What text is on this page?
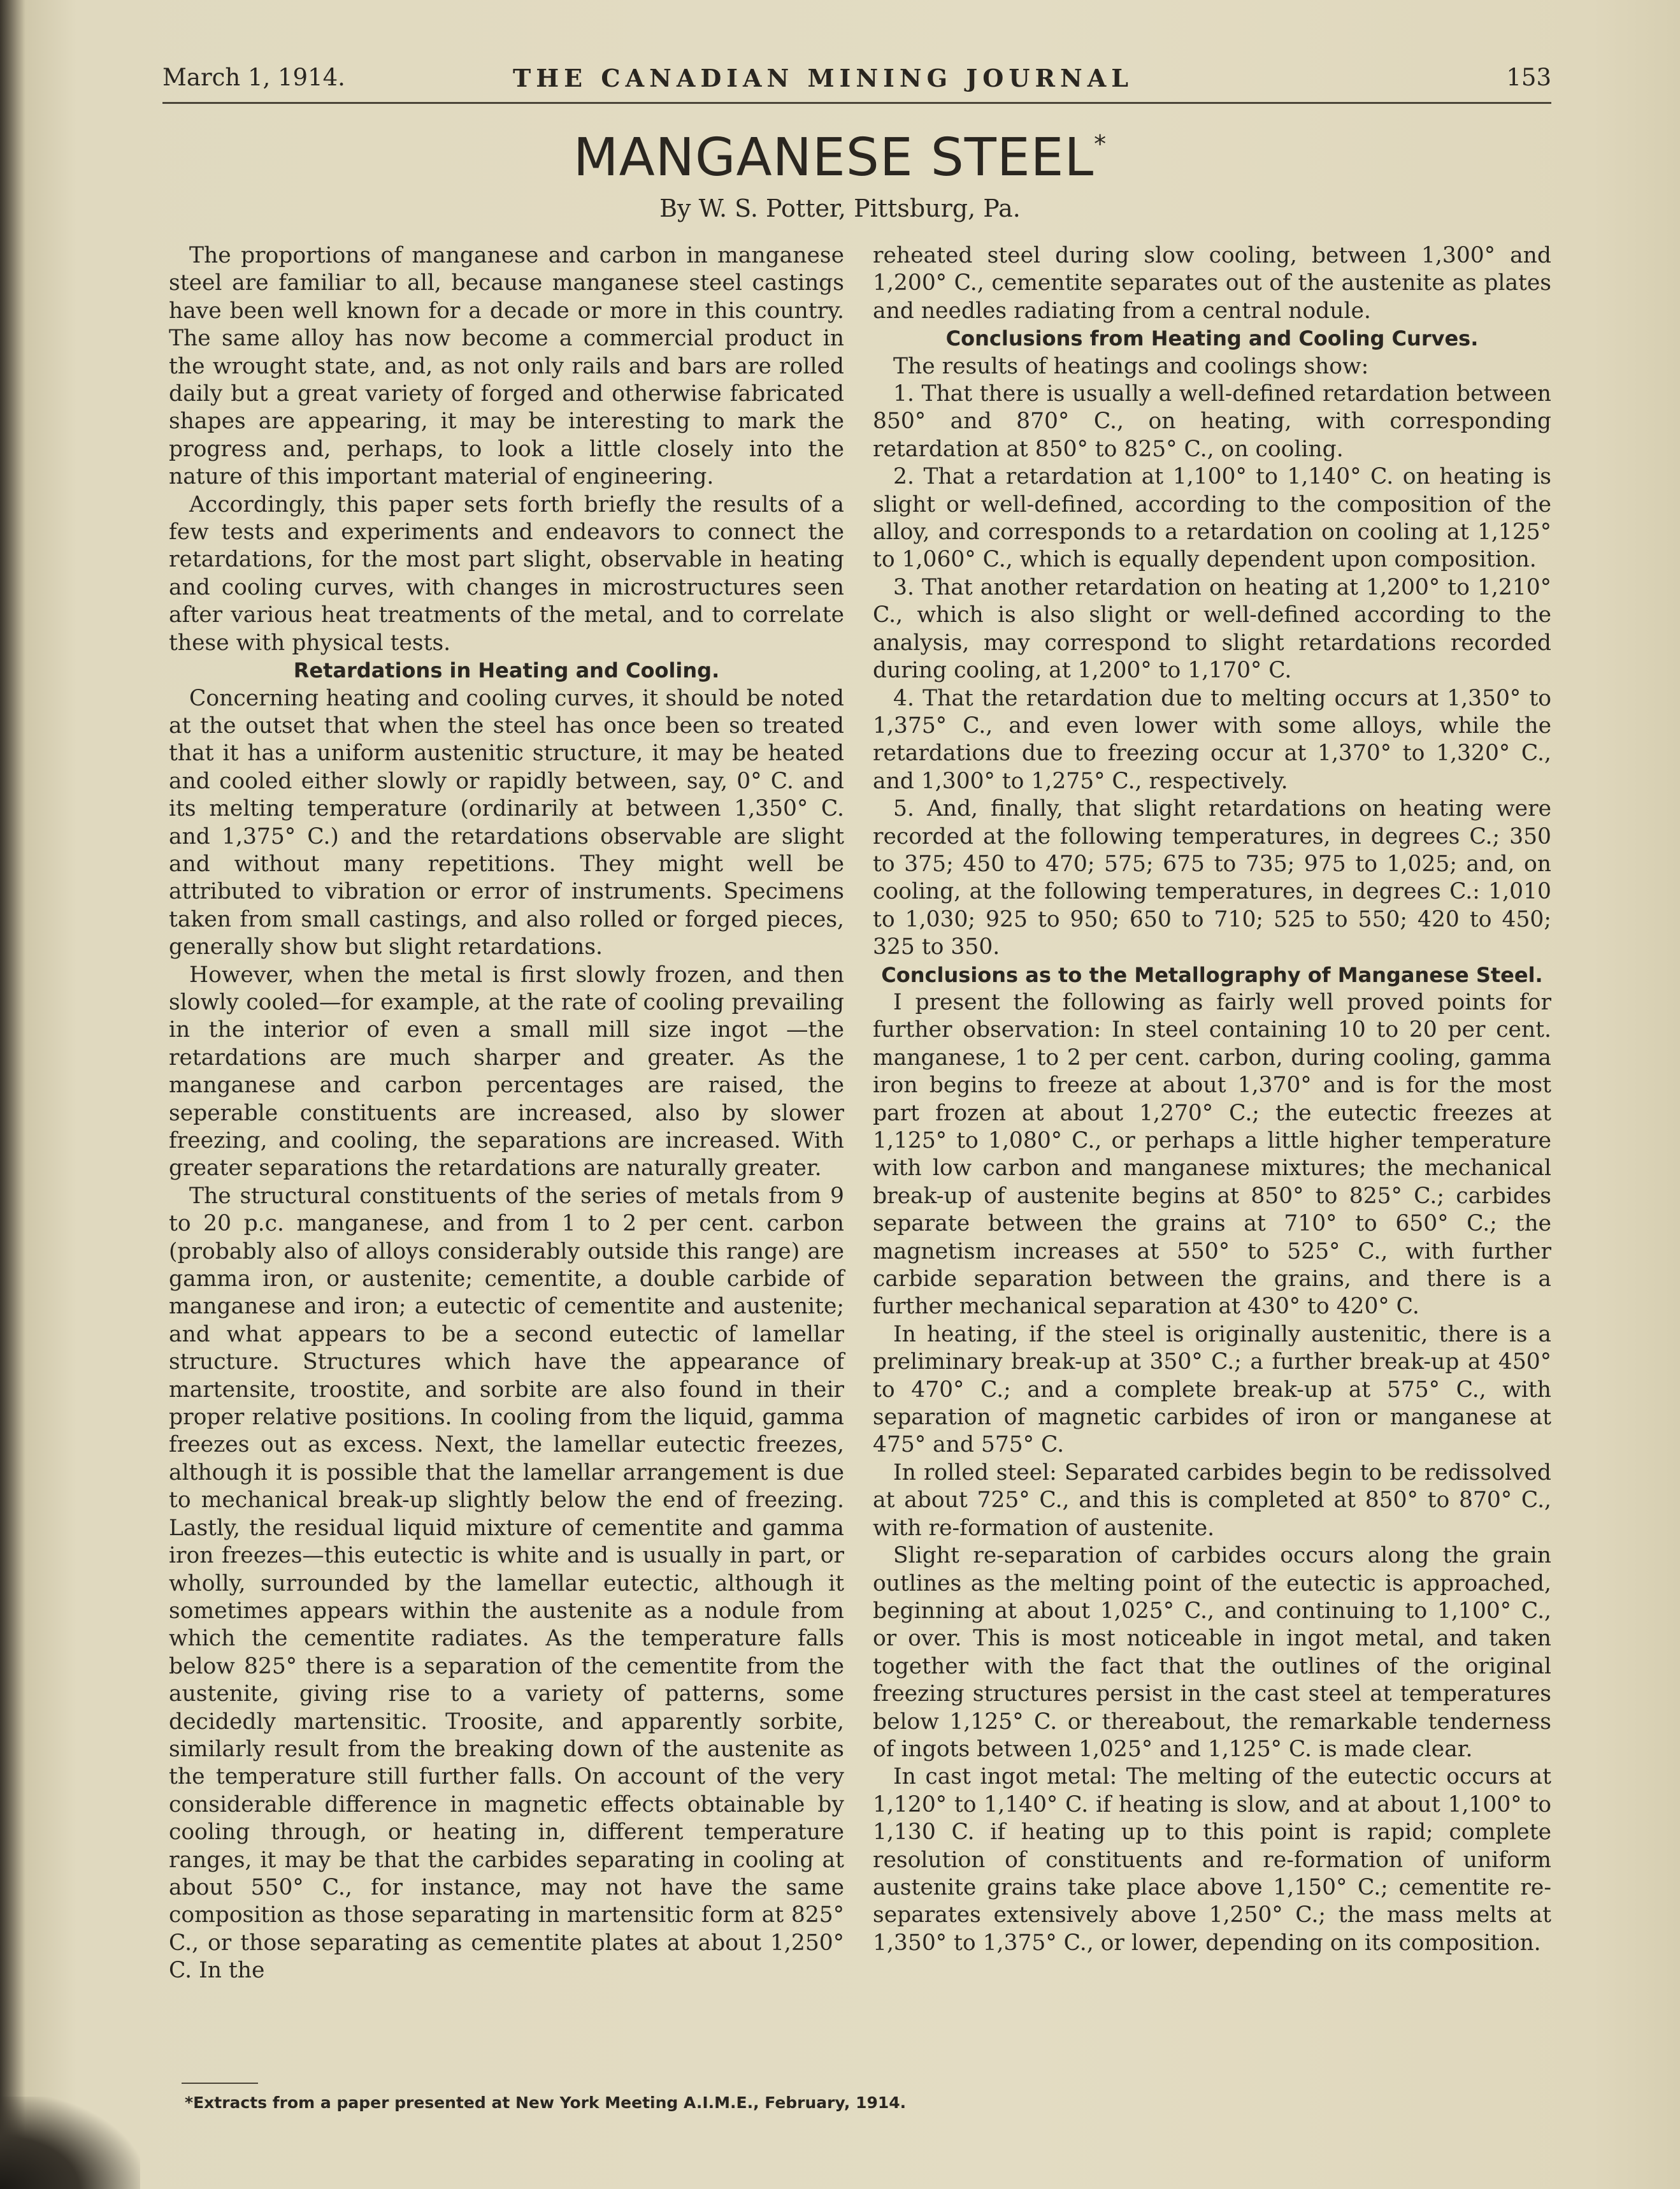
March 1, 1914.	THE CANADIAN MINING JOURNAL	153
MANGANESE STEEL*
By W. S. Potter, Pittsburg, Pa.

The proportions of manganese and carbon in manganese steel are familiar to all, because manganese steel castings have been well known for a decade or more in this country. The same alloy has now become a commercial product in the wrought state, and, as not only rails and bars are rolled daily but a great variety of forged and otherwise fabricated shapes are appearing, it may be interesting to mark the progress and, perhaps, to look a little closely into the nature of this important material of engineering.

Accordingly, this paper sets forth briefly the results of a few tests and experiments and endeavors to connect the retardations, for the most part slight, observable in heating and cooling curves, with changes in microstructures seen after various heat treatments of the metal, and to correlate these with physical tests.

Retardations in Heating and Cooling.

Concerning heating and cooling curves, it should be noted at the outset that when the steel has once been so treated that it has a uniform austenitic structure, it may be heated and cooled either slowly or rapidly between, say, 0° C. and its melting temperature (ordinarily at between 1,350° C. and 1,375° C.) and the retardations observable are slight and without many repetitions. They might well be attributed to vibration or error of instruments. Specimens taken from small castings, and also rolled or forged pieces, generally show but slight retardations.

However, when the metal is first slowly frozen, and then slowly cooled—for example, at the rate of cooling prevailing in the interior of even a small mill size ingot —the retardations are much sharper and greater. As the manganese and carbon percentages are raised, the seperable constituents are increased, also by slower freezing, and cooling, the separations are increased. With greater separations the retardations are naturally greater.

The structural constituents of the series of metals from 9 to 20 p.c. manganese, and from 1 to 2 per cent. carbon (probably also of alloys considerably outside this range) are gamma iron, or austenite; cementite, a double carbide of manganese and iron; a eutectic of cementite and austenite; and what appears to be a second eutectic of lamellar structure. Structures which have the appearance of martensite, troostite, and sorbite are also found in their proper relative positions. In cooling from the liquid, gamma freezes out as excess. Next, the lamellar eutectic freezes, although it is possible that the lamellar arrangement is due to mechanical break-up slightly below the end of freezing. Lastly, the residual liquid mixture of cementite and gamma iron freezes—this eutectic is white and is usually in part, or wholly, surrounded by the lamellar eutectic, although it sometimes appears within the austenite as a nodule from which the cementite radiates. As the temperature falls below 825° there is a separation of the cementite from the austenite, giving rise to a variety of patterns, some decidedly martensitic. Troosite, and apparently sorbite, similarly result from the breaking down of the austenite as the temperature still further falls. On account of the very considerable difference in magnetic effects obtainable by cooling through, or heating in, different temperature ranges, it may be that the carbides separating in cooling at about 550° C., for instance, may not have the same composition as those separating in martensitic form at 825° C., or those separating as cementite plates at about 1,250° C. In the

reheated steel during slow cooling, between 1,300° and 1,200° C., cementite separates out of the austenite as plates and needles radiating from a central nodule.

Conclusions from Heating and Cooling Curves.

The results of heatings and coolings show:

1. That there is usually a well-defined retardation between 850° and 870° C., on heating, with corresponding retardation at 850° to 825° C., on cooling.

2. That a retardation at 1,100° to 1,140° C. on heating is slight or well-defined, according to the composition of the alloy, and corresponds to a retardation on cooling at 1,125° to 1,060° C., which is equally dependent upon composition.

3. That another retardation on heating at 1,200° to 1,210° C., which is also slight or well-defined according to the analysis, may correspond to slight retardations recorded during cooling, at 1,200° to 1,170° C.

4. That the retardation due to melting occurs at 1,350° to 1,375° C., and even lower with some alloys, while the retardations due to freezing occur at 1,370° to 1,320° C., and 1,300° to 1,275° C., respectively.

5. And, finally, that slight retardations on heating were recorded at the following temperatures, in degrees C.; 350 to 375; 450 to 470; 575; 675 to 735; 975 to 1,025; and, on cooling, at the following temperatures, in degrees C.: 1,010 to 1,030; 925 to 950; 650 to 710; 525 to 550; 420 to 450; 325 to 350.

Conclusions as to the Metallography of Manganese Steel.

I present the following as fairly well proved points for further observation: In steel containing 10 to 20 per cent. manganese, 1 to 2 per cent. carbon, during cooling, gamma iron begins to freeze at about 1,370° and is for the most part frozen at about 1,270° C.; the eutectic freezes at 1,125° to 1,080° C., or perhaps a little higher temperature with low carbon and manganese mixtures; the mechanical break-up of austenite begins at 850° to 825° C.; carbides separate between the grains at 710° to 650° C.; the magnetism increases at 550° to 525° C., with further carbide separation between the grains, and there is a further mechanical separation at 430° to 420° C.

In heating, if the steel is originally austenitic, there is a preliminary break-up at 350° C.; a further break-up at 450° to 470° C.; and a complete break-up at 575° C., with separation of magnetic carbides of iron or manganese at 475° and 575° C.

In rolled steel: Separated carbides begin to be redissolved at about 725° C., and this is completed at 850° to 870° C., with re-formation of austenite.

Slight re-separation of carbides occurs along the grain outlines as the melting point of the eutectic is approached, beginning at about 1,025° C., and continuing to 1,100° C., or over. This is most noticeable in ingot metal, and taken together with the fact that the outlines of the original freezing structures persist in the cast steel at temperatures below 1,125° C. or thereabout, the remarkable tenderness of ingots between 1,025° and 1,125° C. is made clear.

In cast ingot metal: The melting of the eutectic occurs at 1,120° to 1,140° C. if heating is slow, and at about 1,100° to 1,130 C. if heating up to this point is rapid; complete resolution of constituents and re-formation of uniform austenite grains take place above 1,150° C.; cementite re-separates extensively above 1,250° C.; the mass melts at 1,350° to 1,375° C., or lower, depending on its composition.

*Extracts from a paper presented at New York Meeting A.I.M.E., February, 1914.
